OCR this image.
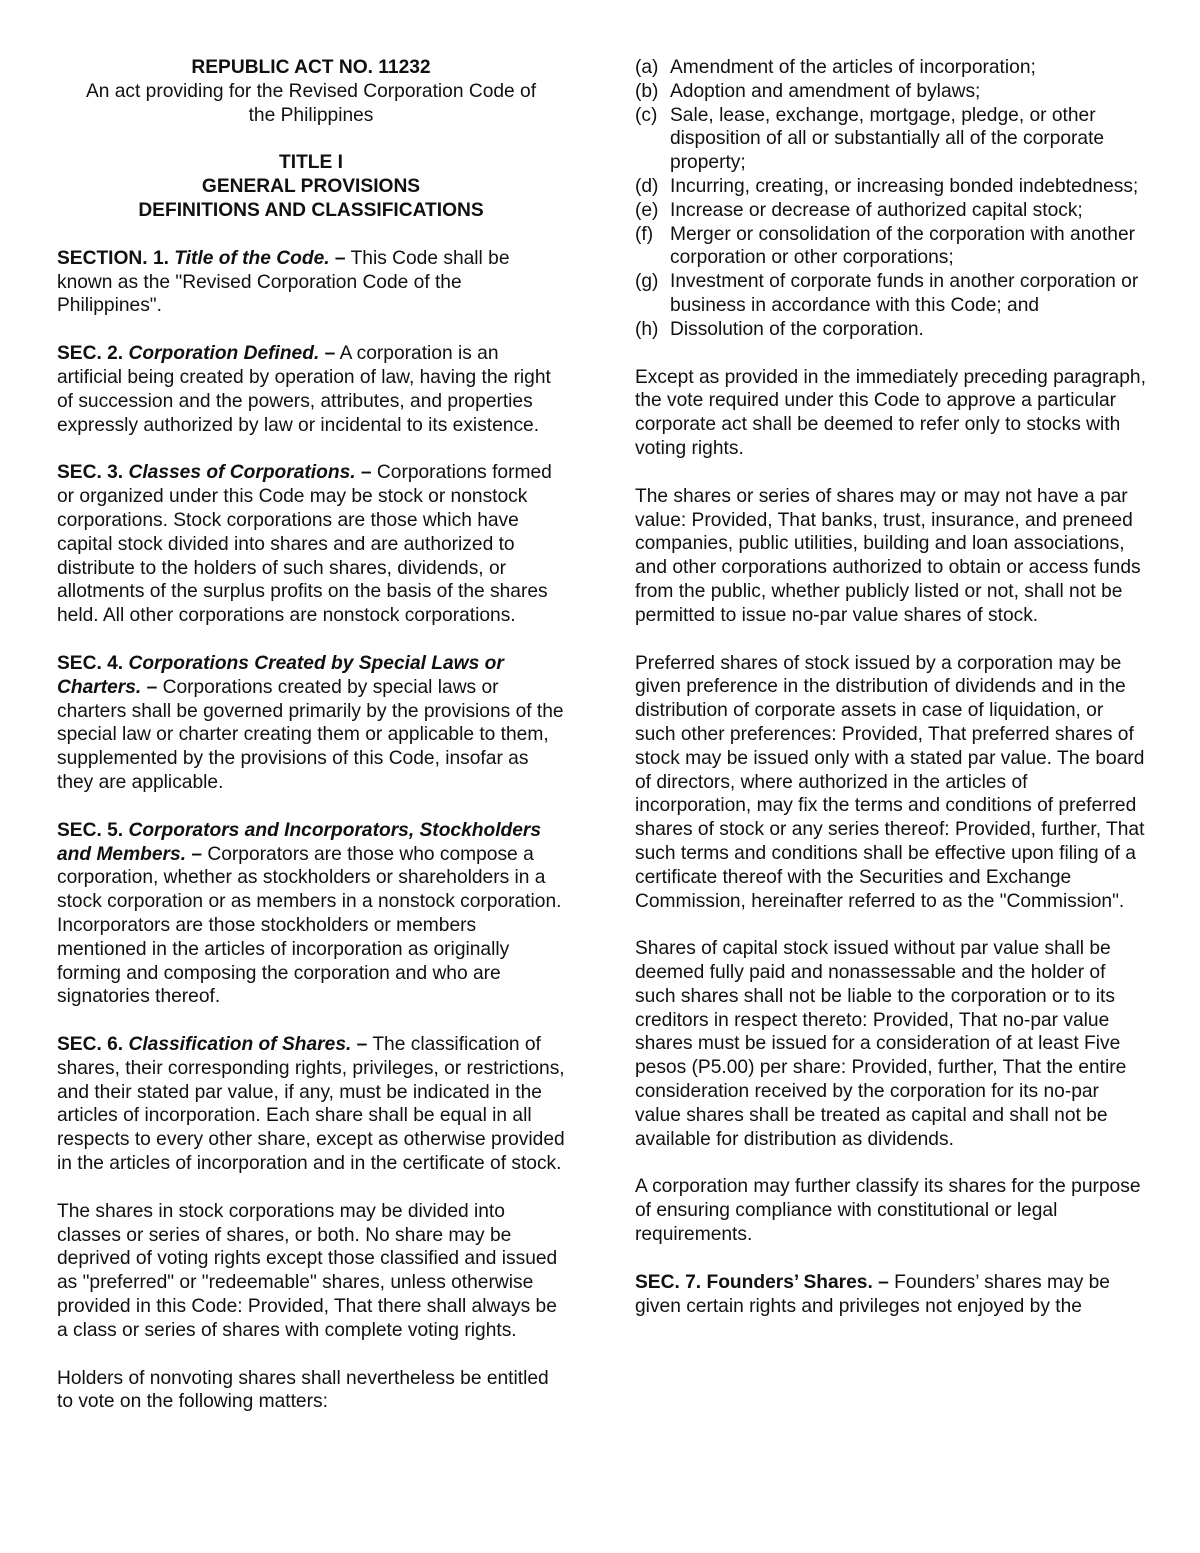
REPUBLIC ACT NO. 11232
An act providing for the Revised Corporation Code of
the Philippines

TITLE I
GENERAL PROVISIONS
DEFINITIONS AND CLASSIFICATIONS

SECTION. 1. Title of the Code. – This Code shall be known as the "Revised Corporation Code of the Philippines".

SEC. 2. Corporation Defined. – A corporation is an artificial being created by operation of law, having the right of succession and the powers, attributes, and properties expressly authorized by law or incidental to its existence.

SEC. 3. Classes of Corporations. – Corporations formed or organized under this Code may be stock or nonstock corporations. Stock corporations are those which have capital stock divided into shares and are authorized to distribute to the holders of such shares, dividends, or allotments of the surplus profits on the basis of the shares held. All other corporations are nonstock corporations.

SEC. 4. Corporations Created by Special Laws or Charters. – Corporations created by special laws or charters shall be governed primarily by the provisions of the special law or charter creating them or applicable to them, supplemented by the provisions of this Code, insofar as they are applicable.

SEC. 5. Corporators and Incorporators, Stockholders and Members. – Corporators are those who compose a corporation, whether as stockholders or shareholders in a stock corporation or as members in a nonstock corporation. Incorporators are those stockholders or members mentioned in the articles of incorporation as originally forming and composing the corporation and who are signatories thereof.

SEC. 6. Classification of Shares. – The classification of shares, their corresponding rights, privileges, or restrictions, and their stated par value, if any, must be indicated in the articles of incorporation. Each share shall be equal in all respects to every other share, except as otherwise provided in the articles of incorporation and in the certificate of stock.

The shares in stock corporations may be divided into classes or series of shares, or both. No share may be deprived of voting rights except those classified and issued as "preferred" or "redeemable" shares, unless otherwise provided in this Code: Provided, That there shall always be a class or series of shares with complete voting rights.

Holders of nonvoting shares shall nevertheless be entitled to vote on the following matters:

(a) Amendment of the articles of incorporation;
(b) Adoption and amendment of bylaws;
(c) Sale, lease, exchange, mortgage, pledge, or other disposition of all or substantially all of the corporate property;
(d) Incurring, creating, or increasing bonded indebtedness;
(e) Increase or decrease of authorized capital stock;
(f) Merger or consolidation of the corporation with another corporation or other corporations;
(g) Investment of corporate funds in another corporation or business in accordance with this Code; and
(h) Dissolution of the corporation.

Except as provided in the immediately preceding paragraph, the vote required under this Code to approve a particular corporate act shall be deemed to refer only to stocks with voting rights.

The shares or series of shares may or may not have a par value: Provided, That banks, trust, insurance, and preneed companies, public utilities, building and loan associations, and other corporations authorized to obtain or access funds from the public, whether publicly listed or not, shall not be permitted to issue no-par value shares of stock.

Preferred shares of stock issued by a corporation may be given preference in the distribution of dividends and in the distribution of corporate assets in case of liquidation, or such other preferences: Provided, That preferred shares of stock may be issued only with a stated par value. The board of directors, where authorized in the articles of incorporation, may fix the terms and conditions of preferred shares of stock or any series thereof: Provided, further, That such terms and conditions shall be effective upon filing of a certificate thereof with the Securities and Exchange Commission, hereinafter referred to as the "Commission".

Shares of capital stock issued without par value shall be deemed fully paid and nonassessable and the holder of such shares shall not be liable to the corporation or to its creditors in respect thereto: Provided, That no-par value shares must be issued for a consideration of at least Five pesos (P5.00) per share: Provided, further, That the entire consideration received by the corporation for its no-par value shares shall be treated as capital and shall not be available for distribution as dividends.

A corporation may further classify its shares for the purpose of ensuring compliance with constitutional or legal requirements.

SEC. 7. Founders’ Shares. – Founders’ shares may be given certain rights and privileges not enjoyed by the
